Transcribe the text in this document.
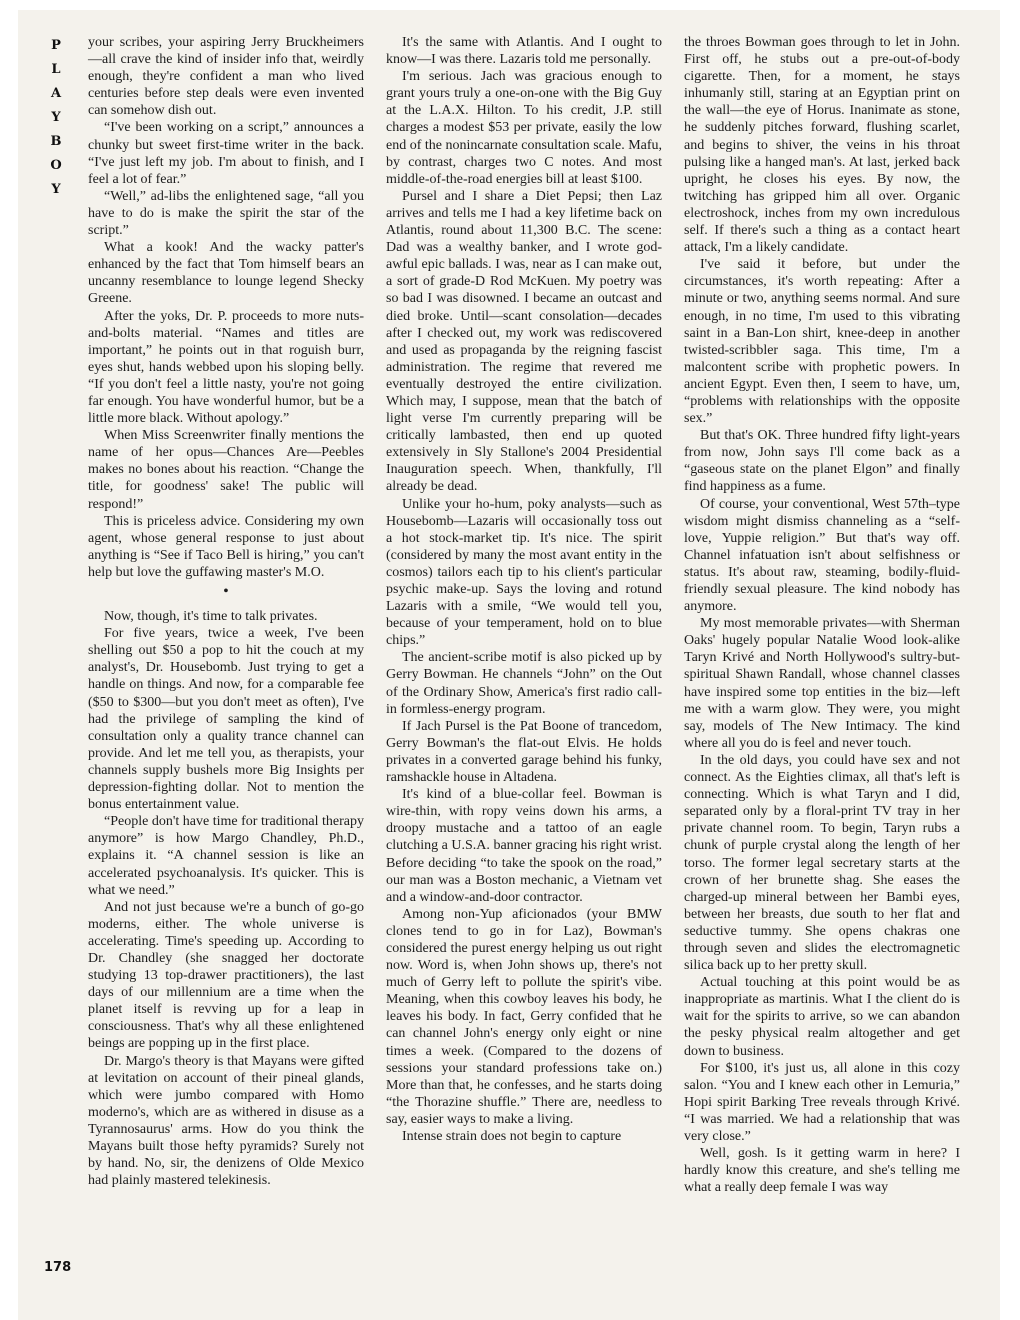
P
L
A
Y
B
O
Y

your scribes, your aspiring Jerry Bruckheimers—all crave the kind of insider info that, weirdly enough, they're confident a man who lived centuries before step deals were even invented can somehow dish out.

“I've been working on a script,” announces a chunky but sweet first-time writer in the back. “I've just left my job. I'm about to finish, and I feel a lot of fear.”

“Well,” ad-libs the enlightened sage, “all you have to do is make the spirit the star of the script.”

What a kook! And the wacky patter's enhanced by the fact that Tom himself bears an uncanny resemblance to lounge legend Shecky Greene.

After the yoks, Dr. P. proceeds to more nuts-and-bolts material. “Names and titles are important,” he points out in that roguish burr, eyes shut, hands webbed upon his sloping belly. “If you don't feel a little nasty, you're not going far enough. You have wonderful humor, but be a little more black. Without apology.”

When Miss Screenwriter finally mentions the name of her opus—Chances Are—Peebles makes no bones about his reaction. “Change the title, for goodness' sake! The public will respond!”

This is priceless advice. Considering my own agent, whose general response to just about anything is “See if Taco Bell is hiring,” you can't help but love the guffawing master's M.O.

•

Now, though, it's time to talk privates.

For five years, twice a week, I've been shelling out $50 a pop to hit the couch at my analyst's, Dr. Housebomb. Just trying to get a handle on things. And now, for a comparable fee ($50 to $300—but you don't meet as often), I've had the privilege of sampling the kind of consultation only a quality trance channel can provide. And let me tell you, as therapists, your channels supply bushels more Big Insights per depression-fighting dollar. Not to mention the bonus entertainment value.

“People don't have time for traditional therapy anymore” is how Margo Chandley, Ph.D., explains it. “A channel session is like an accelerated psychoanalysis. It's quicker. This is what we need.”

And not just because we're a bunch of go-go moderns, either. The whole universe is accelerating. Time's speeding up. According to Dr. Chandley (she snagged her doctorate studying 13 top-drawer practitioners), the last days of our millennium are a time when the planet itself is revving up for a leap in consciousness. That's why all these enlightened beings are popping up in the first place.

Dr. Margo's theory is that Mayans were gifted at levitation on account of their pineal glands, which were jumbo compared with Homo moderno's, which are as withered in disuse as a Tyrannosaurus' arms. How do you think the Mayans built those hefty pyramids? Surely not by hand. No, sir, the denizens of Olde Mexico had plainly mastered telekinesis.

It's the same with Atlantis. And I ought to know—I was there. Lazaris told me personally.

I'm serious. Jach was gracious enough to grant yours truly a one-on-one with the Big Guy at the L.A.X. Hilton. To his credit, J.P. still charges a modest $53 per private, easily the low end of the nonincarnate consultation scale. Mafu, by contrast, charges two C notes. And most middle-of-the-road energies bill at least $100.

Pursel and I share a Diet Pepsi; then Laz arrives and tells me I had a key lifetime back on Atlantis, round about 11,300 B.C. The scene: Dad was a wealthy banker, and I wrote god-awful epic ballads. I was, near as I can make out, a sort of grade-D Rod McKuen. My poetry was so bad I was disowned. I became an outcast and died broke. Until—scant consolation—decades after I checked out, my work was rediscovered and used as propaganda by the reigning fascist administration. The regime that revered me eventually destroyed the entire civilization. Which may, I suppose, mean that the batch of light verse I'm currently preparing will be critically lambasted, then end up quoted extensively in Sly Stallone's 2004 Presidential Inauguration speech. When, thankfully, I'll already be dead.

Unlike your ho-hum, poky analysts—such as Housebomb—Lazaris will occasionally toss out a hot stock-market tip. It's nice. The spirit (considered by many the most avant entity in the cosmos) tailors each tip to his client's particular psychic make-up. Says the loving and rotund Lazaris with a smile, “We would tell you, because of your temperament, hold on to blue chips.”

The ancient-scribe motif is also picked up by Gerry Bowman. He channels “John” on the Out of the Ordinary Show, America's first radio call-in formless-energy program.

If Jach Pursel is the Pat Boone of trancedom, Gerry Bowman's the flat-out Elvis. He holds privates in a converted garage behind his funky, ramshackle house in Altadena.

It's kind of a blue-collar feel. Bowman is wire-thin, with ropy veins down his arms, a droopy mustache and a tattoo of an eagle clutching a U.S.A. banner gracing his right wrist. Before deciding “to take the spook on the road,” our man was a Boston mechanic, a Vietnam vet and a window-and-door contractor.

Among non-Yup aficionados (your BMW clones tend to go in for Laz), Bowman's considered the purest energy helping us out right now. Word is, when John shows up, there's not much of Gerry left to pollute the spirit's vibe. Meaning, when this cowboy leaves his body, he leaves his body. In fact, Gerry confided that he can channel John's energy only eight or nine times a week. (Compared to the dozens of sessions your standard professions take on.) More than that, he confesses, and he starts doing “the Thorazine shuffle.” There are, needless to say, easier ways to make a living.

Intense strain does not begin to capture

the throes Bowman goes through to let in John. First off, he stubs out a pre-out-of-body cigarette. Then, for a moment, he stays inhumanly still, staring at an Egyptian print on the wall—the eye of Horus. Inanimate as stone, he suddenly pitches forward, flushing scarlet, and begins to shiver, the veins in his throat pulsing like a hanged man's. At last, jerked back upright, he closes his eyes. By now, the twitching has gripped him all over. Organic electroshock, inches from my own incredulous self. If there's such a thing as a contact heart attack, I'm a likely candidate.

I've said it before, but under the circumstances, it's worth repeating: After a minute or two, anything seems normal. And sure enough, in no time, I'm used to this vibrating saint in a Ban-Lon shirt, knee-deep in another twisted-scribbler saga. This time, I'm a malcontent scribe with prophetic powers. In ancient Egypt. Even then, I seem to have, um, “problems with relationships with the opposite sex.”

But that's OK. Three hundred fifty light-years from now, John says I'll come back as a “gaseous state on the planet Elgon” and finally find happiness as a fume.

Of course, your conventional, West 57th–type wisdom might dismiss channeling as a “self-love, Yuppie religion.” But that's way off. Channel infatuation isn't about selfishness or status. It's about raw, steaming, bodily-fluid-friendly sexual pleasure. The kind nobody has anymore.

My most memorable privates—with Sherman Oaks' hugely popular Natalie Wood look-alike Taryn Krivé and North Hollywood's sultry-but-spiritual Shawn Randall, whose channel classes have inspired some top entities in the biz—left me with a warm glow. They were, you might say, models of The New Intimacy. The kind where all you do is feel and never touch.

In the old days, you could have sex and not connect. As the Eighties climax, all that's left is connecting. Which is what Taryn and I did, separated only by a floral-print TV tray in her private channel room. To begin, Taryn rubs a chunk of purple crystal along the length of her torso. The former legal secretary starts at the crown of her brunette shag. She eases the charged-up mineral between her Bambi eyes, between her breasts, due south to her flat and seductive tummy. She opens chakras one through seven and slides the electromagnetic silica back up to her pretty skull.

Actual touching at this point would be as inappropriate as martinis. What I the client do is wait for the spirits to arrive, so we can abandon the pesky physical realm altogether and get down to business.

For $100, it's just us, all alone in this cozy salon. “You and I knew each other in Lemuria,” Hopi spirit Barking Tree reveals through Krivé. “I was married. We had a relationship that was very close.”

Well, gosh. Is it getting warm in here? I hardly know this creature, and she's telling me what a really deep female I was way

178
